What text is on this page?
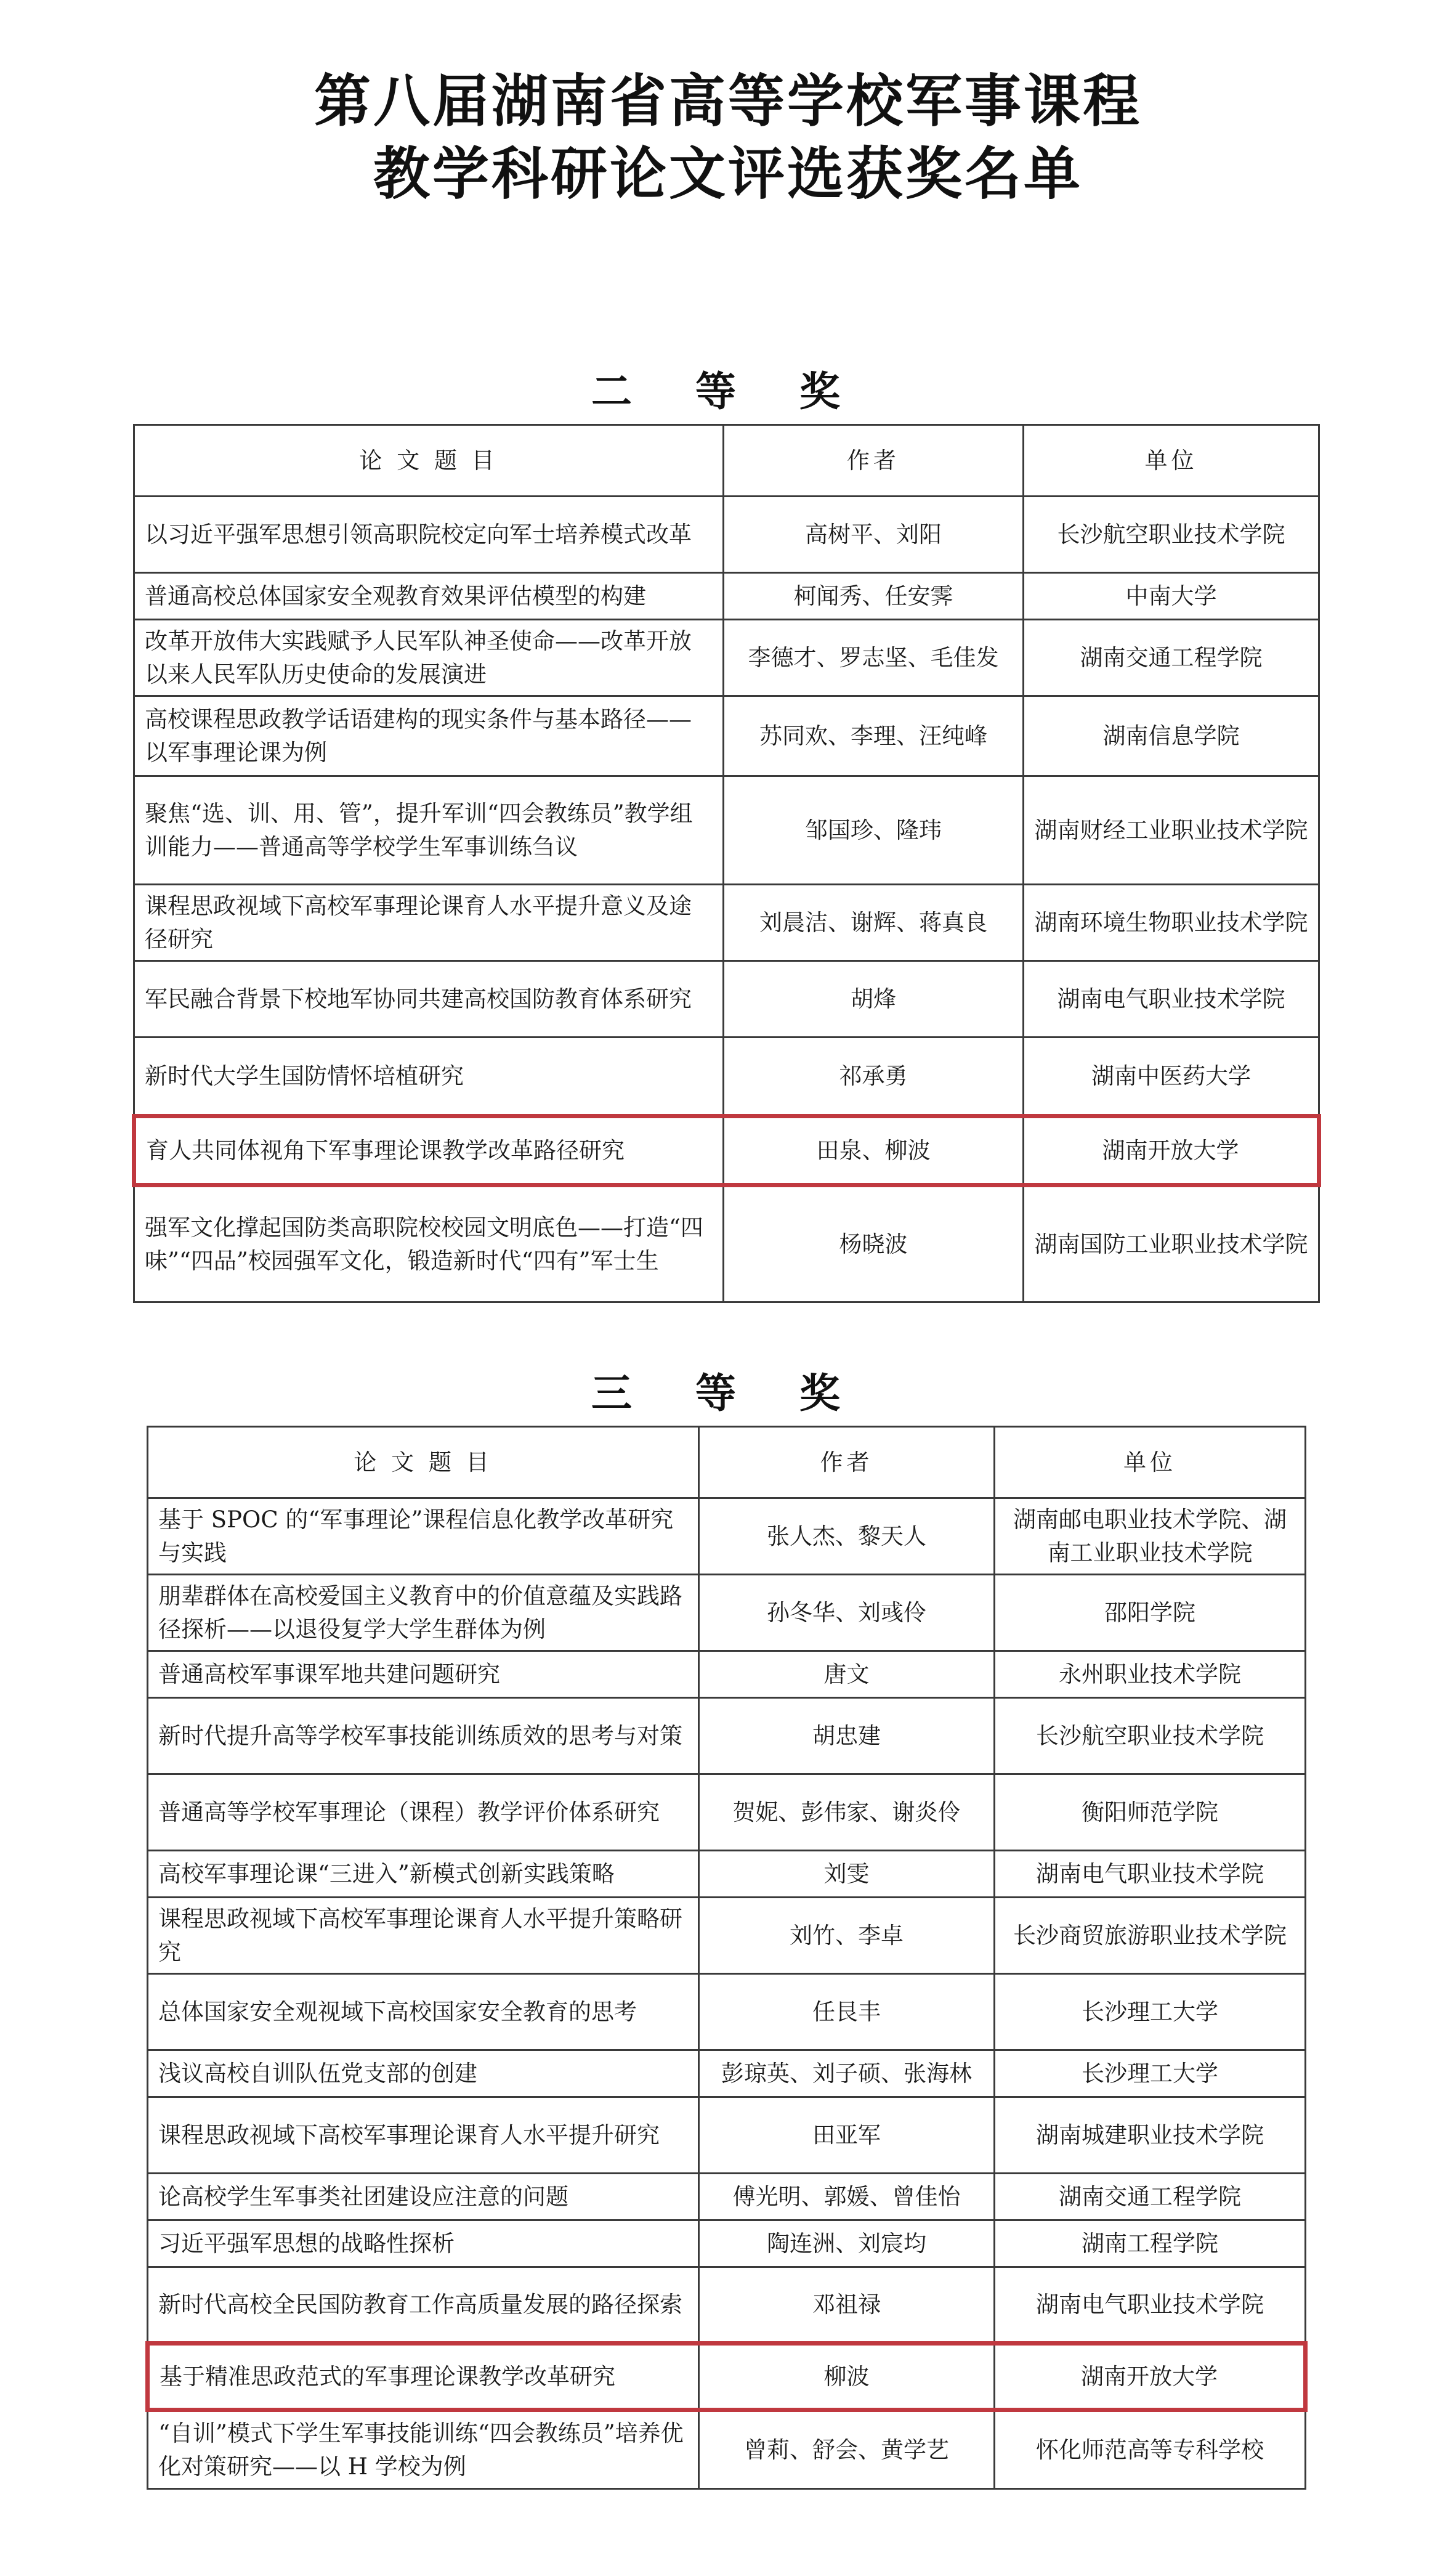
第八届湖南省高等学校军事课程
教学科研论文评选获奖名单
二 等 奖
论 文 题 目	作者	单位
以习近平强军思想引领高职院校定向军士培养模式改革	高树平、刘阳	长沙航空职业技术学院
普通高校总体国家安全观教育效果评估模型的构建	柯闻秀、任安霁	中南大学
改革开放伟大实践赋予人民军队神圣使命——改革开放以来人民军队历史使命的发展演进	李德才、罗志坚、毛佳发	湖南交通工程学院
高校课程思政教学话语建构的现实条件与基本路径——以军事理论课为例	苏同欢、李理、汪纯峰	湖南信息学院
聚焦“选、训、用、管”，提升军训“四会教练员”教学组训能力——普通高等学校学生军事训练刍议	邹国珍、隆玮	湖南财经工业职业技术学院
课程思政视域下高校军事理论课育人水平提升意义及途径研究	刘晨洁、谢辉、蒋真良	湖南环境生物职业技术学院
军民融合背景下校地军协同共建高校国防教育体系研究	胡烽	湖南电气职业技术学院
新时代大学生国防情怀培植研究	祁承勇	湖南中医药大学
育人共同体视角下军事理论课教学改革路径研究	田泉、柳波	湖南开放大学
强军文化撑起国防类高职院校校园文明底色——打造“四味”“四品”校园强军文化，锻造新时代“四有”军士生	杨晓波	湖南国防工业职业技术学院
三 等 奖
论 文 题 目	作者	单位
基于 SPOC 的“军事理论”课程信息化教学改革研究与实践	张人杰、黎天人	湖南邮电职业技术学院、湖南工业职业技术学院
朋辈群体在高校爱国主义教育中的价值意蕴及实践路径探析——以退役复学大学生群体为例	孙冬华、刘彧伶	邵阳学院
普通高校军事课军地共建问题研究	唐文	永州职业技术学院
新时代提升高等学校军事技能训练质效的思考与对策	胡忠建	长沙航空职业技术学院
普通高等学校军事理论（课程）教学评价体系研究	贺妮、彭伟家、谢炎伶	衡阳师范学院
高校军事理论课“三进入”新模式创新实践策略	刘雯	湖南电气职业技术学院
课程思政视域下高校军事理论课育人水平提升策略研究	刘竹、李卓	长沙商贸旅游职业技术学院
总体国家安全观视域下高校国家安全教育的思考	任艮丰	长沙理工大学
浅议高校自训队伍党支部的创建	彭琼英、刘子硕、张海林	长沙理工大学
课程思政视域下高校军事理论课育人水平提升研究	田亚军	湖南城建职业技术学院
论高校学生军事类社团建设应注意的问题	傅光明、郭媛、曾佳怡	湖南交通工程学院
习近平强军思想的战略性探析	陶连洲、刘宸均	湖南工程学院
新时代高校全民国防教育工作高质量发展的路径探索	邓祖禄	湖南电气职业技术学院
基于精准思政范式的军事理论课教学改革研究	柳波	湖南开放大学
“自训”模式下学生军事技能训练“四会教练员”培养优化对策研究——以 H 学校为例	曾莉、舒会、黄学艺	怀化师范高等专科学校
